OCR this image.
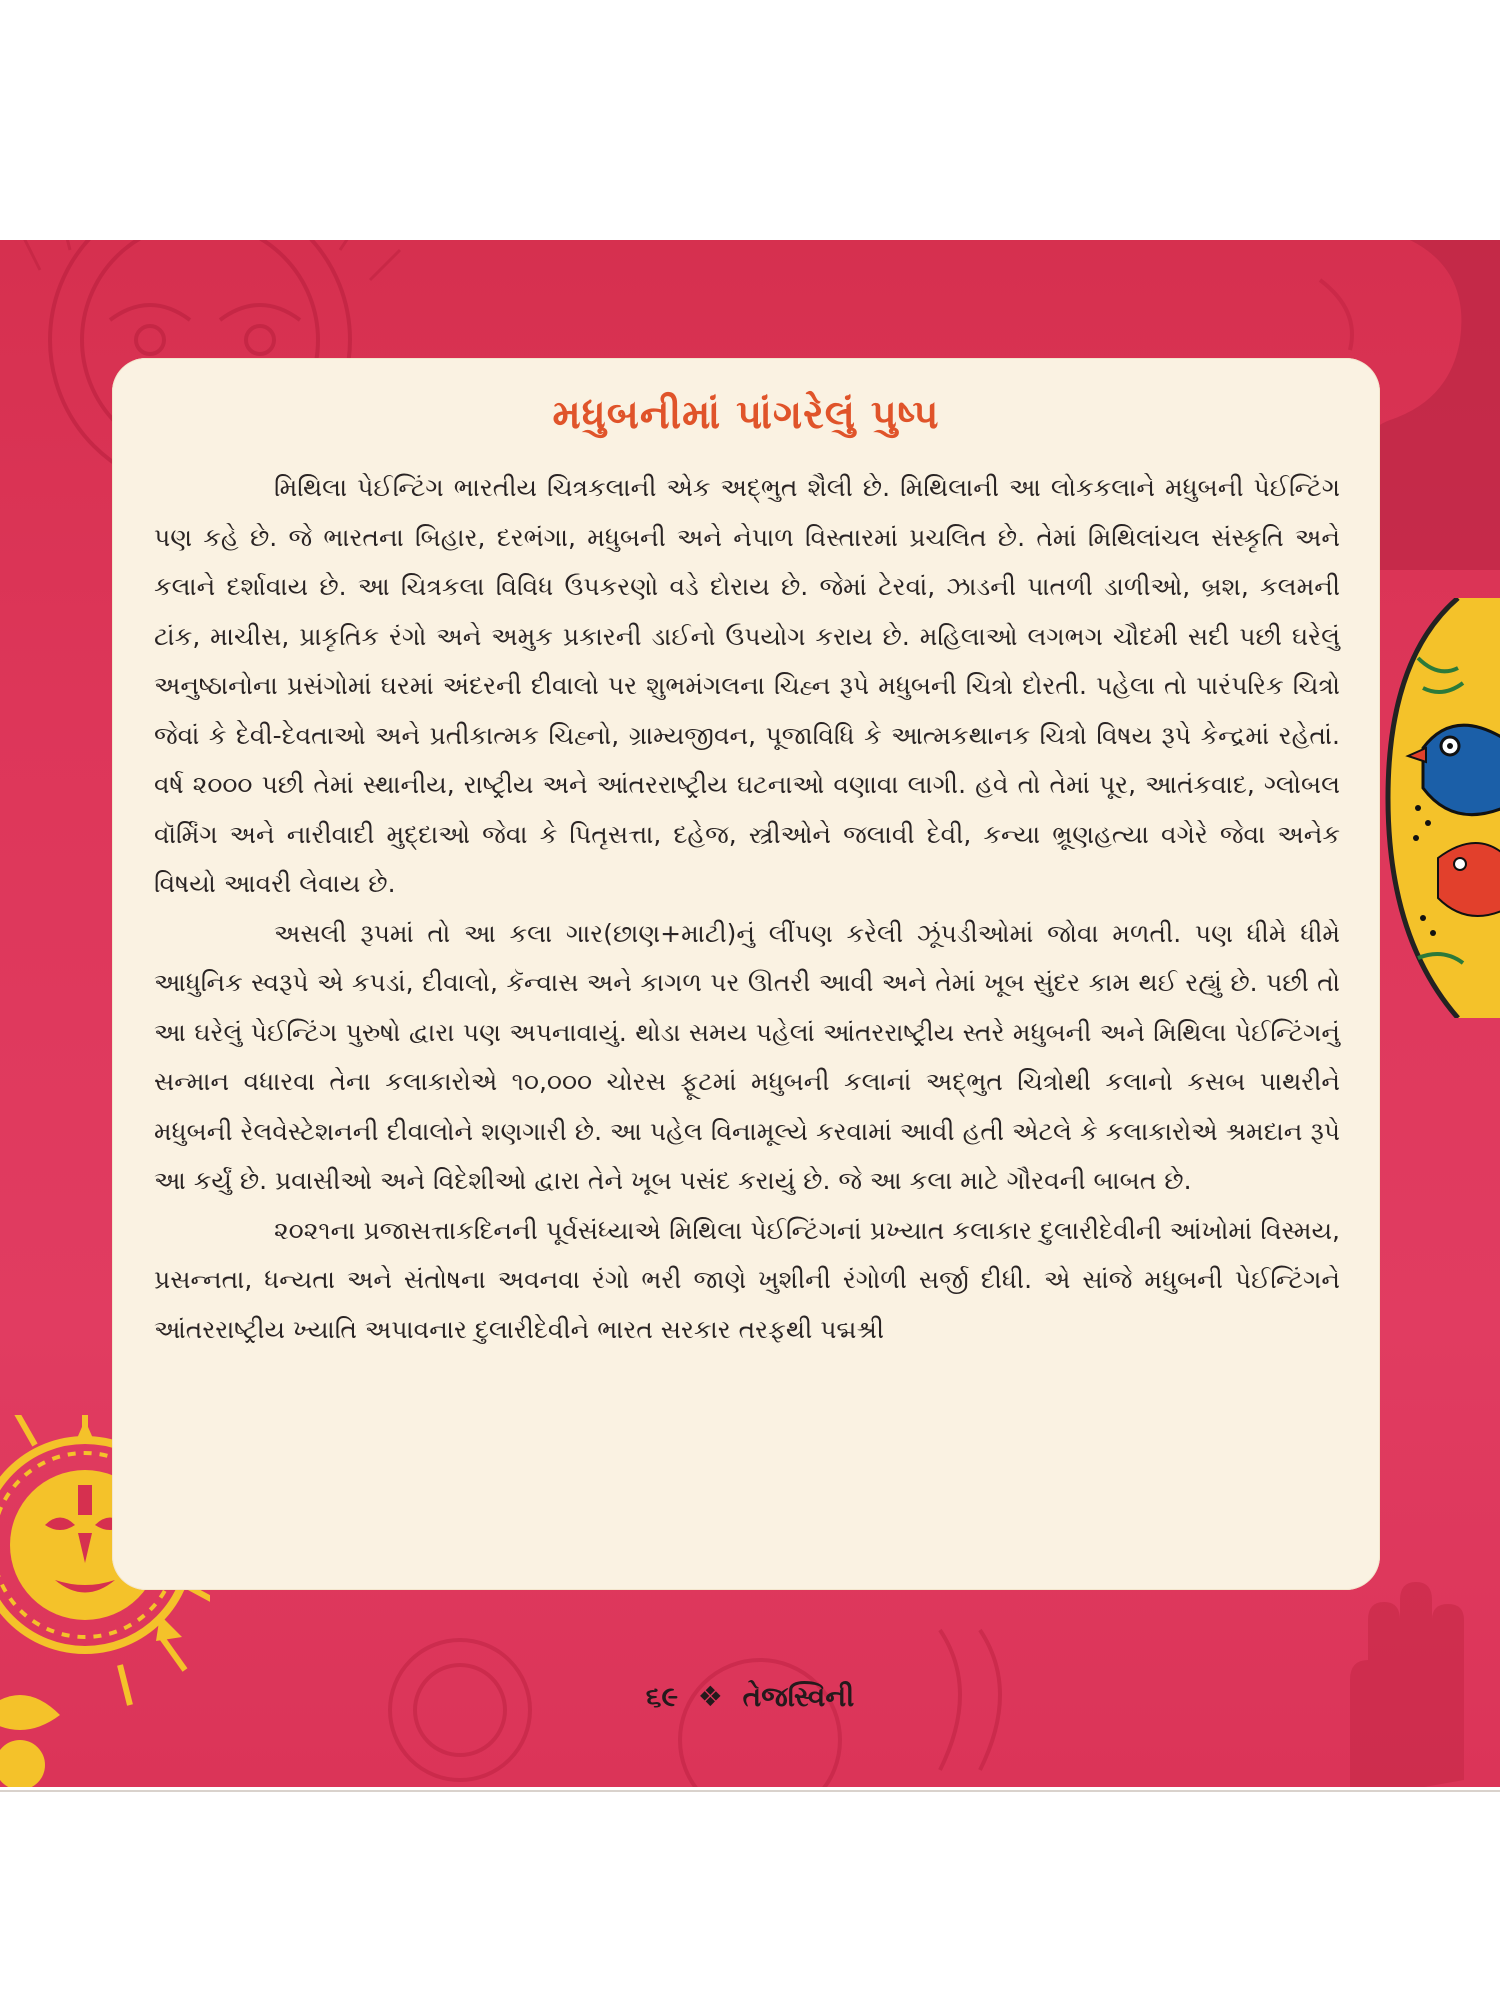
મધુબનીમાં પાંગરેલું પુષ્પ

મિથિલા પેઈન્ટિંગ ભારતીય ચિત્રકલાની એક અદ્ભુત શૈલી છે. મિથિલાની આ લોકકલાને મધુબની પેઈન્ટિંગ પણ કહે છે. જે ભારતના બિહાર, દરભંગા, મધુબની અને નેપાળ વિસ્તારમાં પ્રચલિત છે. તેમાં મિથિલાંચલ સંસ્કૃતિ અને કલાને દર્શાવાય છે. આ ચિત્રકલા વિવિધ ઉપકરણો વડે દોરાય છે. જેમાં ટેરવાં, ઝાડની પાતળી ડાળીઓ, બ્રશ, કલમની ટાંક, માચીસ, પ્રાકૃતિક રંગો અને અમુક પ્રકારની ડાઈનો ઉપયોગ કરાય છે. મહિલાઓ લગભગ ચૌદમી સદી પછી ઘરેલું અનુષ્ઠાનોના પ્રસંગોમાં ઘરમાં અંદરની દીવાલો પર શુભમંગલના ચિહ્ન રૂપે મધુબની ચિત્રો દોરતી. પહેલા તો પારંપરિક ચિત્રો જેવાં કે દેવી-દેવતાઓ અને પ્રતીકાત્મક ચિહ્નો, ગ્રામ્યજીવન, પૂજાવિધિ કે આત્મકથાનક ચિત્રો વિષય રૂપે કેન્દ્રમાં રહેતાં. વર્ષ ૨૦૦૦ પછી તેમાં સ્થાનીય, રાષ્ટ્રીય અને આંતરરાષ્ટ્રીય ઘટનાઓ વણાવા લાગી. હવે તો તેમાં પૂર, આતંકવાદ, ગ્લોબલ વૉર્મિંગ અને નારીવાદી મુદ્દાઓ જેવા કે પિતૃસત્તા, દહેજ, સ્ત્રીઓને જલાવી દેવી, કન્યા ભ્રૂણહત્યા વગેરે જેવા અનેક વિષયો આવરી લેવાય છે.

અસલી રૂપમાં તો આ કલા ગાર(છાણ+માટી)નું લીંપણ કરેલી ઝૂંપડીઓમાં જોવા મળતી. પણ ધીમે ધીમે આધુનિક સ્વરૂપે એ કપડાં, દીવાલો, કૅન્વાસ અને કાગળ પર ઊતરી આવી અને તેમાં ખૂબ સુંદર કામ થઈ રહ્યું છે. પછી તો આ ઘરેલું પેઈન્ટિંગ પુરુષો દ્વારા પણ અપનાવાયું. થોડા સમય પહેલાં આંતરરાષ્ટ્રીય સ્તરે મધુબની અને મિથિલા પેઈન્ટિંગનું સન્માન વધારવા તેના કલાકારોએ ૧૦,૦૦૦ ચોરસ ફૂટમાં મધુબની કલાનાં અદ્ભુત ચિત્રોથી કલાનો કસબ પાથરીને મધુબની રેલવેસ્ટેશનની દીવાલોને શણગારી છે. આ પહેલ વિનામૂલ્યે કરવામાં આવી હતી એટલે કે કલાકારોએ શ્રમદાન રૂપે આ કર્યું છે. પ્રવાસીઓ અને વિદેશીઓ દ્વારા તેને ખૂબ પસંદ કરાયું છે. જે આ કલા માટે ગૌરવની બાબત છે.

૨૦૨૧ના પ્રજાસત્તાકદિનની પૂર્વસંધ્યાએ મિથિલા પેઈન્ટિંગનાં પ્રખ્યાત કલાકાર દુલારીદેવીની આંખોમાં વિસ્મય, પ્રસન્નતા, ધન્યતા અને સંતોષના અવનવા રંગો ભરી જાણે ખુશીની રંગોળી સર્જી દીધી. એ સાંજે મધુબની પેઈન્ટિંગને આંતરરાષ્ટ્રીય ખ્યાતિ અપાવનાર દુલારીદેવીને ભારત સરકાર તરફથી પદ્મશ્રી

૬૯ ❖ તેજસ્વિની
